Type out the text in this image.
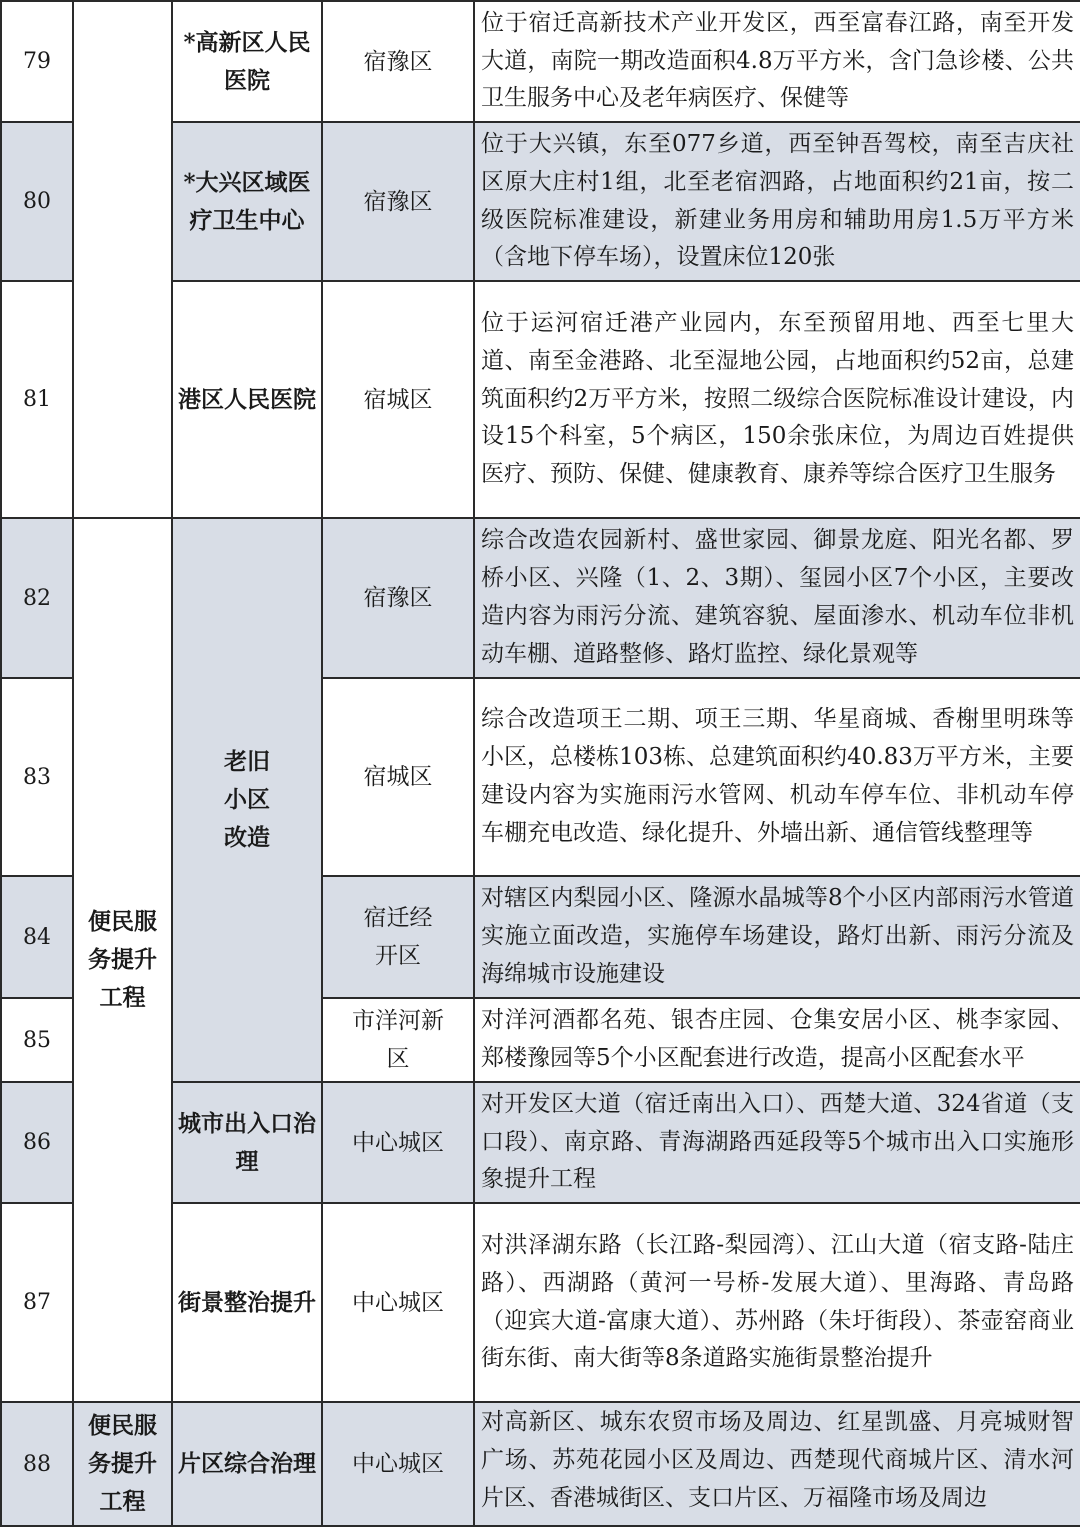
79		*高新区人民医院	宿豫区	位于宿迁高新技术产业开发区，西至富春江路，南至开发大道，南院一期改造面积4.8万平方米，含门急诊楼、公共卫生服务中心及老年病医疗、保健等
80		*大兴区域医疗卫生中心	宿豫区	位于大兴镇，东至077乡道，西至钟吾驾校，南至吉庆社区原大庄村1组，北至老宿泗路，占地面积约21亩，按二级医院标准建设，新建业务用房和辅助用房1.5万平方米（含地下停车场），设置床位120张
81		港区人民医院	宿城区	位于运河宿迁港产业园内，东至预留用地、西至七里大道、南至金港路、北至湿地公园，占地面积约52亩，总建筑面积约2万平方米，按照二级综合医院标准设计建设，内设15个科室，5个病区，150余张床位，为周边百姓提供医疗、预防、保健、健康教育、康养等综合医疗卫生服务
82	便民服务提升工程	老旧小区改造	宿豫区	综合改造农园新村、盛世家园、御景龙庭、阳光名都、罗桥小区、兴隆（1、2、3期）、玺园小区7个小区，主要改造内容为雨污分流、建筑容貌、屋面渗水、机动车位非机动车棚、道路整修、路灯监控、绿化景观等
83			宿城区	综合改造项王二期、项王三期、华星商城、香榭里明珠等小区，总楼栋103栋、总建筑面积约40.83万平方米，主要建设内容为实施雨污水管网、机动车停车位、非机动车停车棚充电改造、绿化提升、外墙出新、通信管线整理等
84			宿迁经开区	对辖区内梨园小区、隆源水晶城等8个小区内部雨污水管道实施立面改造，实施停车场建设，路灯出新、雨污分流及海绵城市设施建设
85			市洋河新区	对洋河酒都名苑、银杏庄园、仓集安居小区、桃李家园、郑楼豫园等5个小区配套进行改造，提高小区配套水平
86		城市出入口治理	中心城区	对开发区大道（宿迁南出入口）、西楚大道、324省道（支口段）、南京路、青海湖路西延段等5个城市出入口实施形象提升工程
87		街景整治提升	中心城区	对洪泽湖东路（长江路-梨园湾）、江山大道（宿支路-陆庄路）、西湖路（黄河一号桥-发展大道）、里海路、青岛路（迎宾大道-富康大道）、苏州路（朱圩街段）、茶壶窑商业街东街、南大街等8条道路实施街景整治提升
88	便民服务提升工程	片区综合治理	中心城区	对高新区、城东农贸市场及周边、红星凯盛、月亮城财智广场、苏苑花园小区及周边、西楚现代商城片区、清水河片区、香港城街区、支口片区、万福隆市场及周边
